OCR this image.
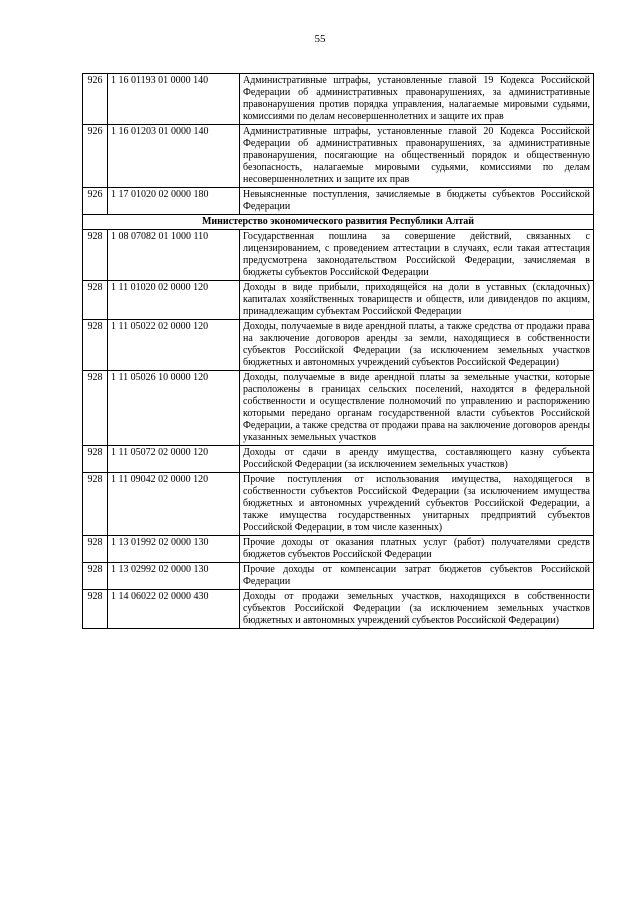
55
926	1 16 01193 01 0000 140	Административные штрафы, установленные главой 19 Кодекса Российской Федерации об административных правонарушениях, за административные правонарушения против порядка управления, налагаемые мировыми судьями, комиссиями по делам несовершеннолетних и защите их прав
926	1 16 01203 01 0000 140	Административные штрафы, установленные главой 20 Кодекса Российской Федерации об административных правонарушениях, за административные правонарушения, посягающие на общественный порядок и общественную безопасность, налагаемые мировыми судьями, комиссиями по делам несовершеннолетних и защите их прав
926	1 17 01020 02 0000 180	Невыясненные поступления, зачисляемые в бюджеты субъектов Российской Федерации
Министерство экономического развития Республики Алтай		
928	1 08 07082 01 1000 110	Государственная пошлина за совершение действий, связанных с лицензированием, с проведением аттестации в случаях, если такая аттестация предусмотрена законодательством Российской Федерации, зачисляемая в бюджеты субъектов Российской Федерации
928	1 11 01020 02 0000 120	Доходы в виде прибыли, приходящейся на доли в уставных (складочных) капиталах хозяйственных товариществ и обществ, или дивидендов по акциям, принадлежащим субъектам Российской Федерации
928	1 11 05022 02 0000 120	Доходы, получаемые в виде арендной платы, а также средства от продажи права на заключение договоров аренды за земли, находящиеся в собственности субъектов Российской Федерации (за исключением земельных участков бюджетных и автономных учреждений субъектов Российской Федерации)
928	1 11 05026 10 0000 120	Доходы, получаемые в виде арендной платы за земельные участки, которые расположены в границах сельских поселений, находятся в федеральной собственности и осуществление полномочий по управлению и распоряжению которыми передано органам государственной власти субъектов Российской Федерации, а также средства от продажи права на заключение договоров аренды указанных земельных участков
928	1 11 05072 02 0000 120	Доходы от сдачи в аренду имущества, составляющего казну субъекта Российской Федерации (за исключением земельных участков)
928	1 11 09042 02 0000 120	Прочие поступления от использования имущества, находящегося в собственности субъектов Российской Федерации (за исключением имущества бюджетных и автономных учреждений субъектов Российской Федерации, а также имущества государственных унитарных предприятий субъектов Российской Федерации, в том числе казенных)
928	1 13 01992 02 0000 130	Прочие доходы от оказания платных услуг (работ) получателями средств бюджетов субъектов Российской Федерации
928	1 13 02992 02 0000 130	Прочие доходы от компенсации затрат бюджетов субъектов Российской Федерации
928	1 14 06022 02 0000 430	Доходы от продажи земельных участков, находящихся в собственности субъектов Российской Федерации (за исключением земельных участков бюджетных и автономных учреждений субъектов Российской Федерации)
